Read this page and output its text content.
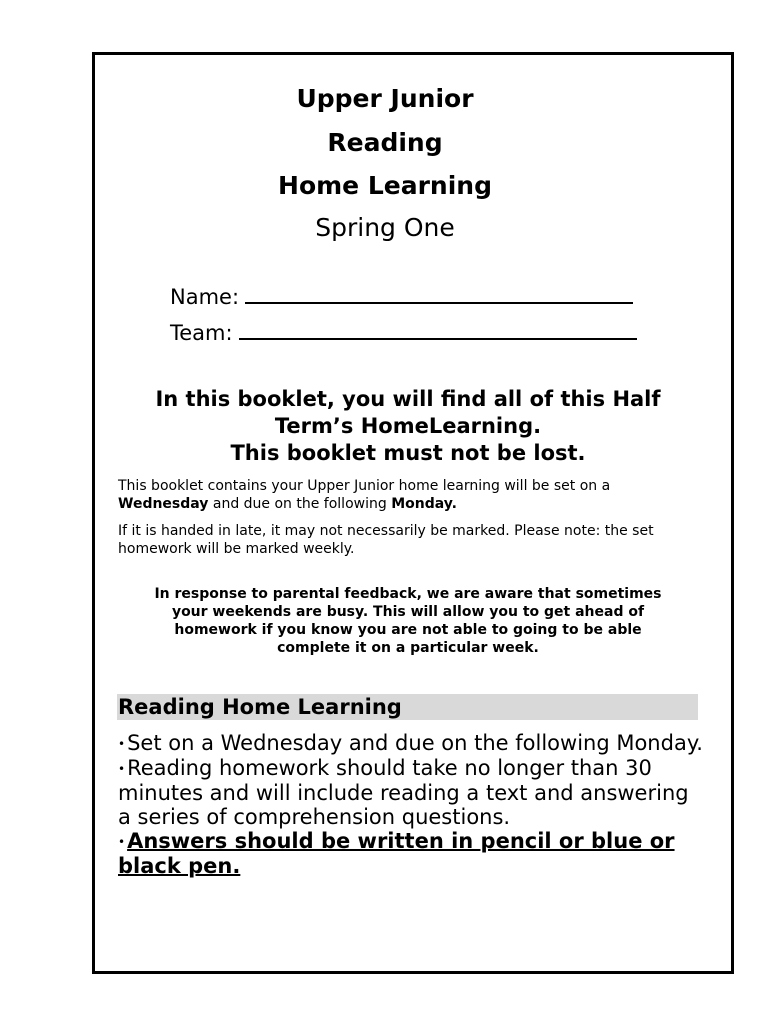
Upper Junior
Reading
Home Learning
Spring One
Name:
Team:
In this booklet, you will find all of this Half
Term’s HomeLearning.
This booklet must not be lost.
This booklet contains your Upper Junior home learning will be set on a Wednesday and due on the following Monday.
If it is handed in late, it may not necessarily be marked. Please note: the set homework will be marked weekly.
In response to parental feedback, we are aware that sometimes
your weekends are busy. This will allow you to get ahead of
homework if you know you are not able to going to be able
complete it on a particular week.
Reading Home Learning
•Set on a Wednesday and due on the following Monday.
•Reading homework should take no longer than 30 minutes and will include reading a text and answering a series of comprehension questions.
•Answers should be written in pencil or blue or black pen.
